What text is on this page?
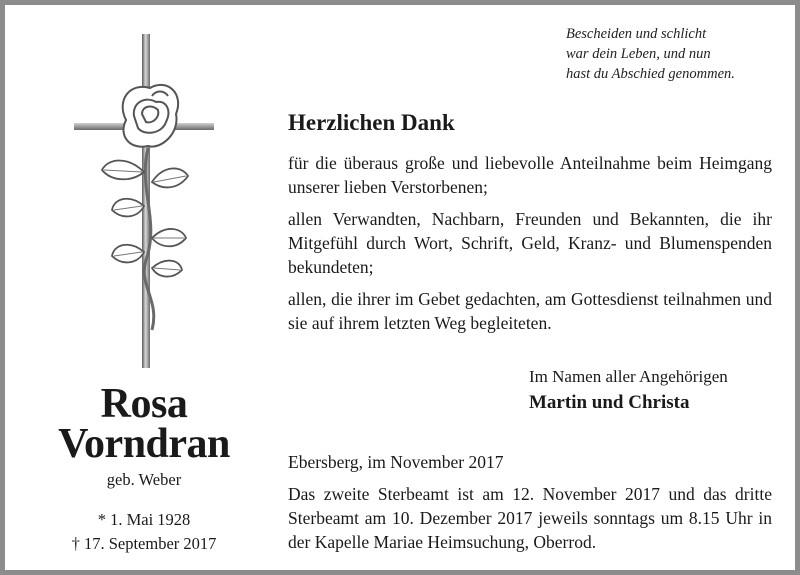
Bescheiden und schlicht
war dein Leben, und nun
hast du Abschied genommen.
Rosa
Vorndran
geb. Weber
* 1. Mai 1928
† 17. September 2017
Herzlichen Dank

für die überaus große und liebevolle Anteilnahme beim Heimgang unserer lieben Verstorbenen;

allen Verwandten, Nachbarn, Freunden und Bekannten, die ihr Mitgefühl durch Wort, Schrift, Geld, Kranz- und Blumenspenden bekundeten;

allen, die ihrer im Gebet gedachten, am Gottesdienst teilnahmen und sie auf ihrem letzten Weg begleiteten.

Im Namen aller Angehörigen
Martin und Christa
Ebersberg, im November 2017
Das zweite Sterbeamt ist am 12. November 2017 und das dritte Sterbeamt am 10. Dezember 2017 jeweils sonntags um 8.15 Uhr in der Kapelle Mariae Heimsuchung, Oberrod.
